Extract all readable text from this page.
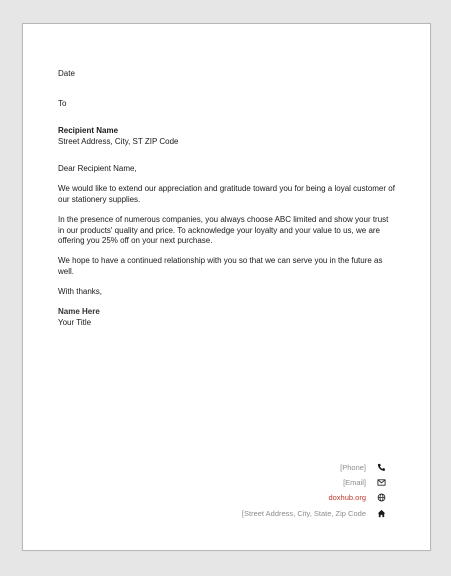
Date
To
Recipient Name
Street Address, City, ST ZIP Code
Dear Recipient Name,
We would like to extend our appreciation and gratitude toward you for being a loyal customer of our stationery supplies.
In the presence of numerous companies, you always choose ABC limited and show your trust in our products' quality and price. To acknowledge your loyalty and your value to us, we are offering you 25% off on your next purchase.
We hope to have a continued relationship with you so that we can serve you in the future as well.
With thanks,
Name Here
Your Title
[Phone]
[Email]
doxhub.org
[Street Address, City, State, Zip Code
